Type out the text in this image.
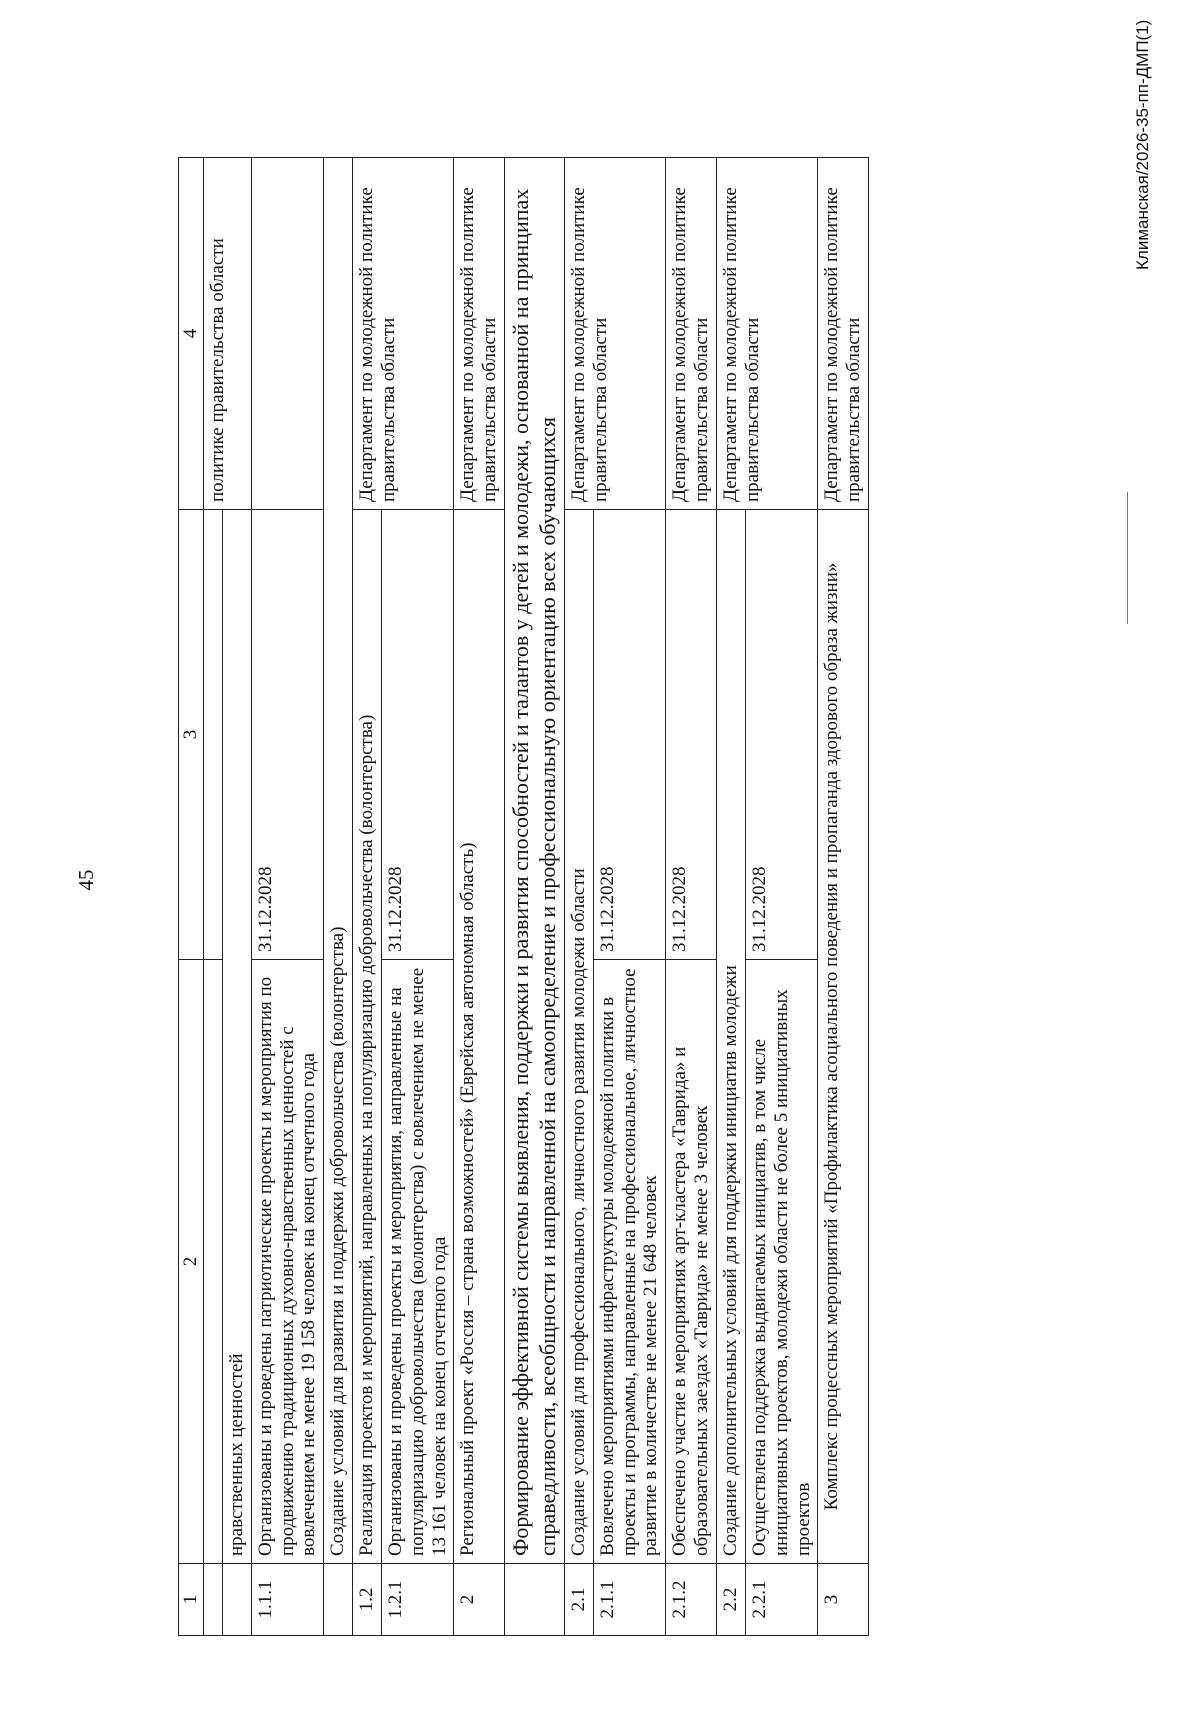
45
Климанская/2026-35-пп-ДМП(1)
1	2	3	4
			политике правительства области
	нравственных ценностей		
1.1.1	Организованы и проведены патриотические проекты и мероприятия по продвижению традиционных духовно-нравственных ценностей с вовлечением не менее 19 158 человек на конец отчетного года	31.12.2028	
	Создание условий для развития и поддержки добровольчества (волонтерства)		
1.2	Реализация проектов и мероприятий, направленных на популяризацию добровольчества (волонтерства)		Департамент по молодежной политике правительства области
1.2.1	Организованы и проведены проекты и мероприятия, направленные на популяризацию добровольчества (волонтерства) с вовлечением не менее 13 161 человек на конец отчетного года	31.12.2028	
2	Региональный проект «Россия – страна возможностей» (Еврейская автономная область)		Департамент по молодежной политике правительства области
	Формирование эффективной системы выявления, поддержки и развития способностей и талантов у детей и молодежи, основанной на принципах справедливости, всеобщности и направленной на самоопределение и профессиональную ориентацию всех обучающихся		
2.1	Создание условий для профессионального, личностного развития молодежи области		Департамент по молодежной политике правительства области
2.1.1	Вовлечено мероприятиями инфраструктуры молодежной политики в проекты и программы, направленные на профессиональное, личностное развитие в количестве не менее 21 648 человек	31.12.2028	
2.1.2	Обеспечено участие в мероприятиях арт-кластера «Таврида» и образовательных заездах «Таврида» не менее 3 человек	31.12.2028	Департамент по молодежной политике правительства области
2.2	Создание дополнительных условий для поддержки инициатив молодежи		Департамент по молодежной политике правительства области
2.2.1	Осуществлена поддержка выдвигаемых инициатив, в том числе инициативных проектов, молодежи области не более 5 инициативных проектов	31.12.2028	
3	Комплекс процессных мероприятий «Профилактика асоциального поведения и пропаганда здорового образа жизни»		Департамент по молодежной политике правительства области
